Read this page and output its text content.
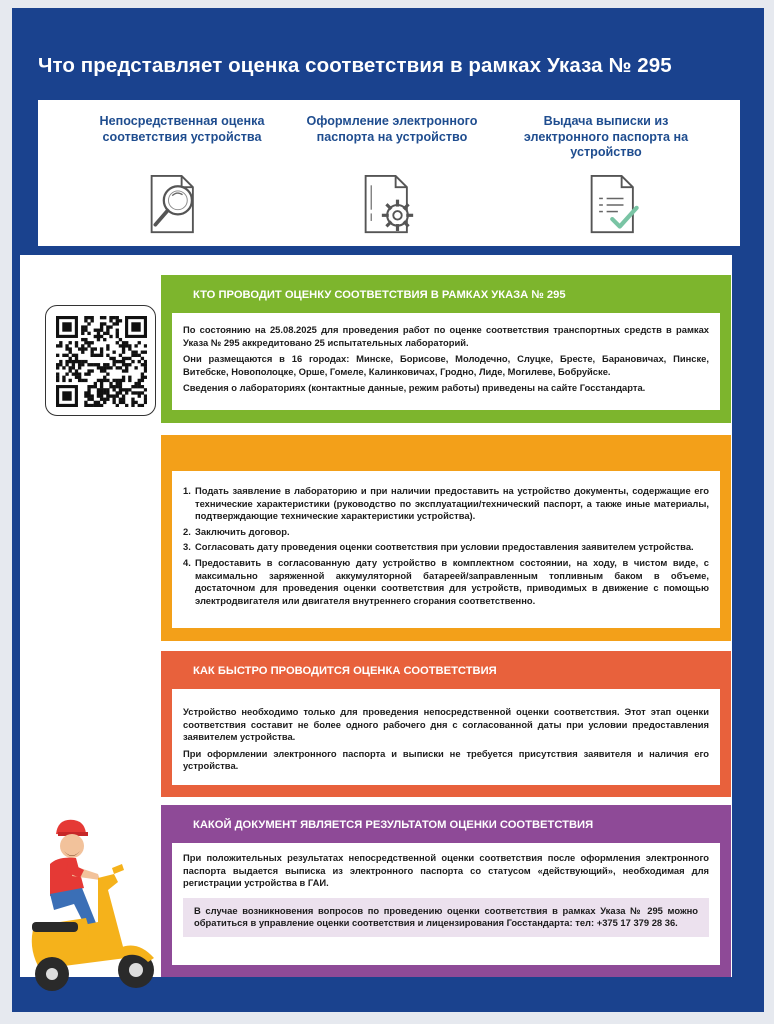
Что представляет оценка соответствия в рамках Указа № 295
Непосредственная оценка соответствия устройства
Оформление электронного паспорта на устройство
Выдача выписки из электронного паспорта на устройство
КТО ПРОВОДИТ ОЦЕНКУ СООТВЕТСТВИЯ В РАМКАХ УКАЗА № 295

По состоянию на 25.08.2025 для проведения работ по оценке соответствия транспортных средств в рамках Указа № 295 аккредитовано 25 испытательных лабораторий.

Они размещаются в 16 городах: Минске, Борисове, Молодечно, Слуцке, Бресте, Барановичах, Пинске, Витебске, Новополоцке, Орше, Гомеле, Калинковичах, Гродно, Лиде, Могилеве, Бобруйске.

Сведения о лабораториях (контактные данные, режим работы) приведены на сайте Госстандарта.

1. Подать заявление в лабораторию и при наличии предоставить на устройство документы, содержащие его технические характеристики (руководство по эксплуатации/технический паспорт, а также иные материалы, подтверждающие технические характеристики устройства).
2. Заключить договор.
3. Согласовать дату проведения оценки соответствия при условии предоставления заявителем устройства.
4. Предоставить в согласованную дату устройство в комплектном состоянии, на ходу, в чистом виде, с максимально заряженной аккумуляторной батареей/заправленным топливным баком в объеме, достаточном для проведения оценки соответствия для устройств, приводимых в движение с помощью электродвигателя или двигателя внутреннего сгорания соответственно.
КАК БЫСТРО ПРОВОДИТСЯ ОЦЕНКА СООТВЕТСТВИЯ

Устройство необходимо только для проведения непосредственной оценки соответствия. Этот этап оценки соответствия составит не более одного рабочего дня с согласованной даты при условии предоставления заявителем устройства.

При оформлении электронного паспорта и выписки не требуется присутствия заявителя и наличия его устройства.

КАКОЙ ДОКУМЕНТ ЯВЛЯЕТСЯ РЕЗУЛЬТАТОМ ОЦЕНКИ СООТВЕТСТВИЯ

При положительных результатах непосредственной оценки соответствия после оформления электронного паспорта выдается выписка из электронного паспорта со статусом «действующий», необходимая для регистрации устройства в ГАИ.

В случае возникновения вопросов по проведению оценки соответствия в рамках Указа № 295 можно обратиться в управление оценки соответствия и лицензирования Госстандарта: тел: +375 17 379 28 36.
